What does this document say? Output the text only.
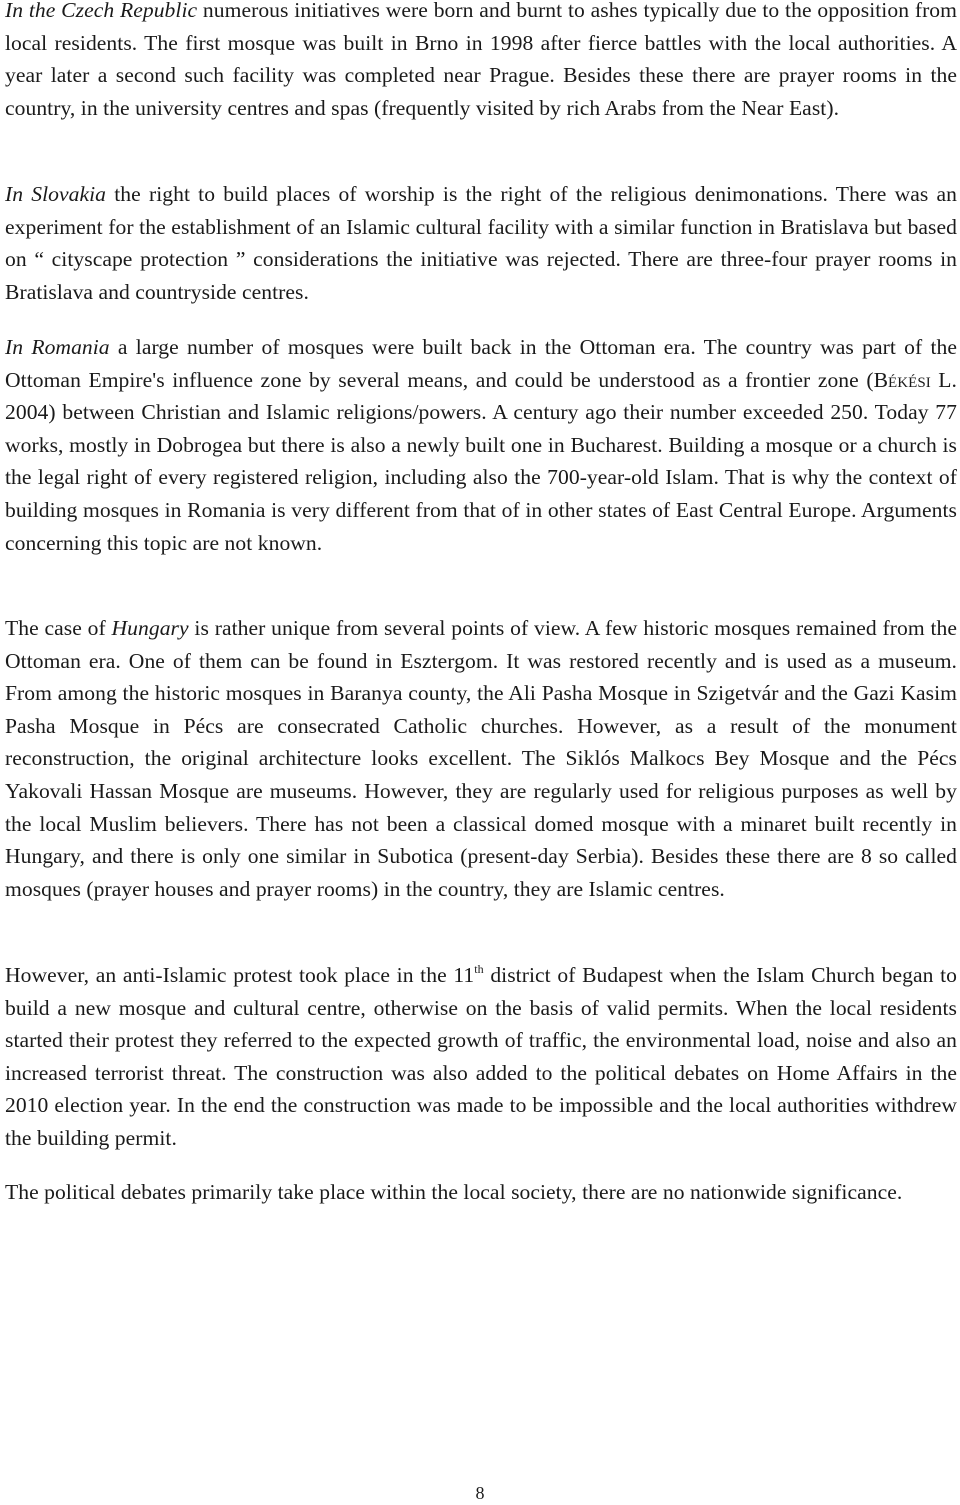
In the Czech Republic numerous initiatives were born and burnt to ashes typically due to the opposition from local residents. The first mosque was built in Brno in 1998 after fierce battles with the local authorities. A year later a second such facility was completed near Prague. Besides these there are prayer rooms in the country, in the university centres and spas (frequently visited by rich Arabs from the Near East).

In Slovakia the right to build places of worship is the right of the religious denimonations. There was an experiment for the establishment of an Islamic cultural facility with a similar function in Bratislava but based on “ cityscape protection ” considerations the initiative was rejected. There are three-four prayer rooms in Bratislava and countryside centres.

In Romania a large number of mosques were built back in the Ottoman era. The country was part of the Ottoman Empire's influence zone by several means, and could be understood as a frontier zone (Békési L. 2004) between Christian and Islamic religions/powers. A century ago their number exceeded 250. Today 77 works, mostly in Dobrogea but there is also a newly built one in Bucharest. Building a mosque or a church is the legal right of every registered religion, including also the 700-year-old Islam. That is why the context of building mosques in Romania is very different from that of in other states of East Central Europe. Arguments concerning this topic are not known.

The case of Hungary is rather unique from several points of view. A few historic mosques remained from the Ottoman era. One of them can be found in Esztergom. It was restored recently and is used as a museum. From among the historic mosques in Baranya county, the Ali Pasha Mosque in Szigetvár and the Gazi Kasim Pasha Mosque in Pécs are consecrated Catholic churches. However, as a result of the monument reconstruction, the original architecture looks excellent. The Siklós Malkocs Bey Mosque and the Pécs Yakovali Hassan Mosque are museums. However, they are regularly used for religious purposes as well by the local Muslim believers. There has not been a classical domed mosque with a minaret built recently in Hungary, and there is only one similar in Subotica (present-day Serbia). Besides these there are 8 so called mosques (prayer houses and prayer rooms) in the country, they are Islamic centres.

However, an anti-Islamic protest took place in the 11th district of Budapest when the Islam Church began to build a new mosque and cultural centre, otherwise on the basis of valid permits. When the local residents started their protest they referred to the expected growth of traffic, the environmental load, noise and also an increased terrorist threat. The construction was also added to the political debates on Home Affairs in the 2010 election year. In the end the construction was made to be impossible and the local authorities withdrew the building permit.

The political debates primarily take place within the local society, there are no nationwide significance.

8
